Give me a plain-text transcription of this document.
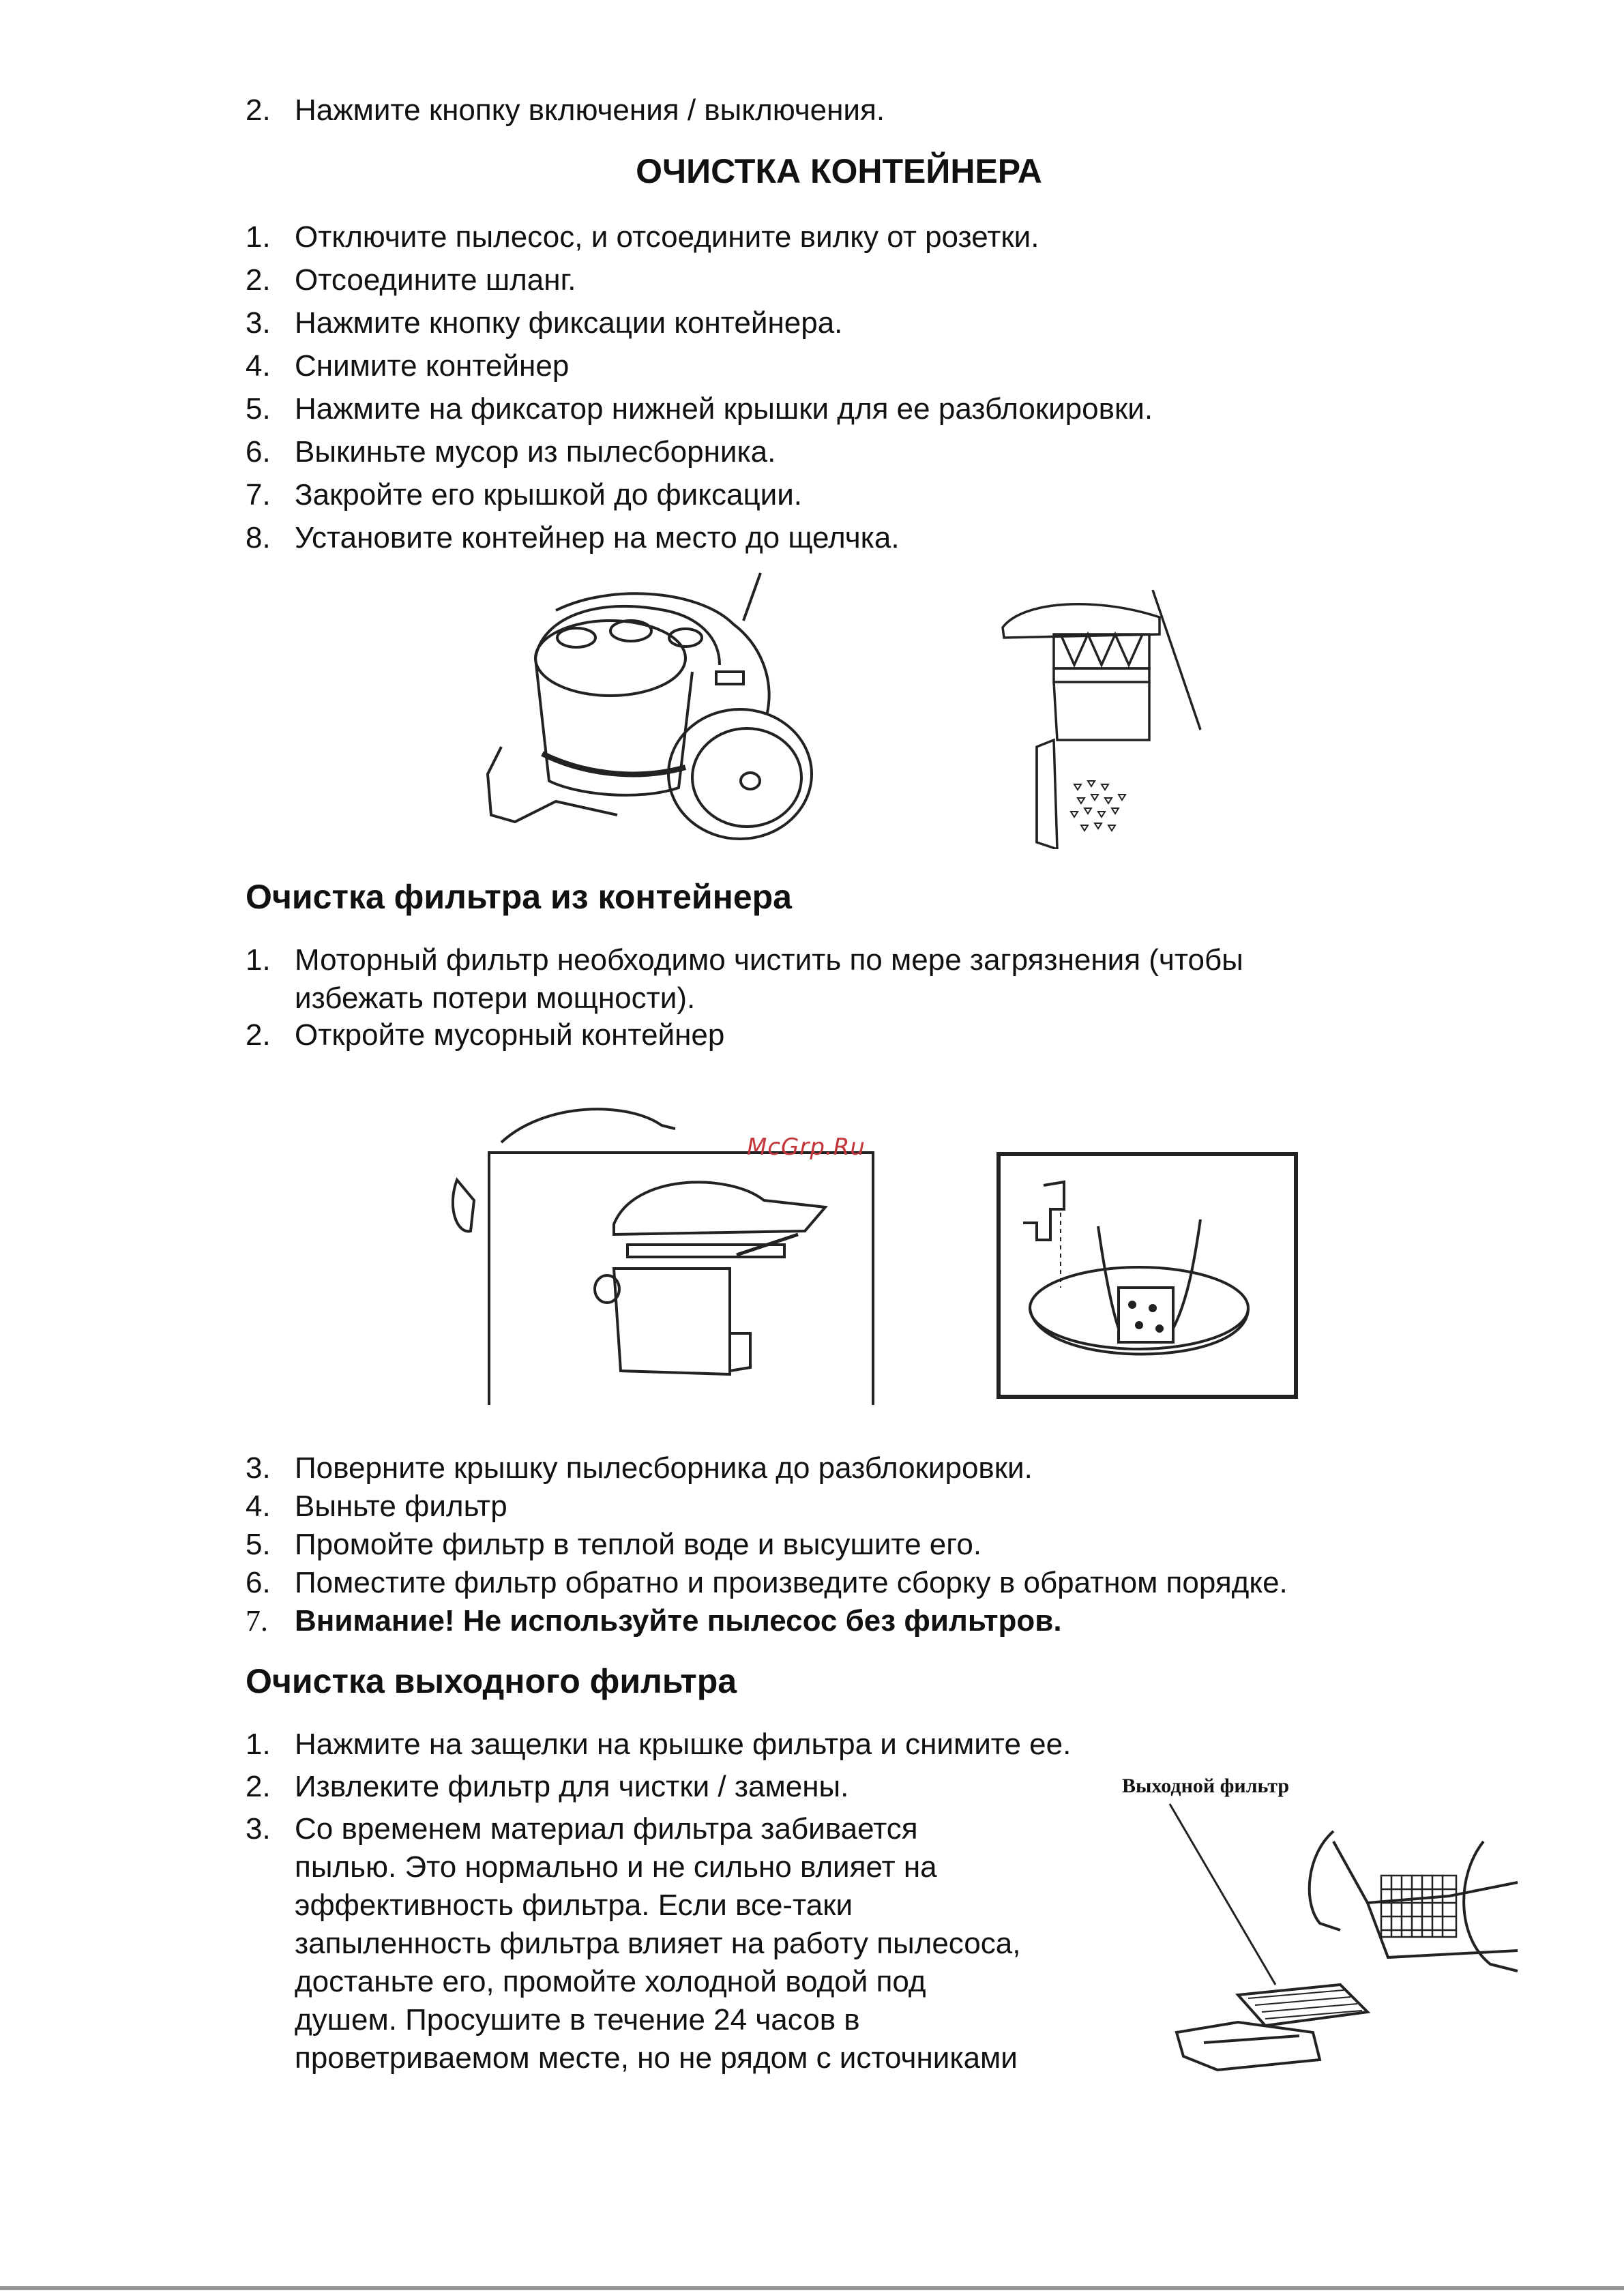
2. Нажмите кнопку включения / выключения.
ОЧИСТКА КОНТЕЙНЕРА
1. Отключите пылесос, и отсоедините вилку от розетки.
2. Отсоедините шланг.
3. Нажмите кнопку фиксации контейнера.
4. Снимите контейнер
5. Нажмите на фиксатор нижней крышки для ее разблокировки.
6. Выкиньте мусор из пылесборника.
7. Закройте его крышкой до фиксации.
8. Установите контейнер на место до щелчка.
Очистка фильтра из контейнера
1. Моторный фильтр необходимо чистить по мере загрязнения (чтобы
избежать потери мощности).
2. Откройте мусорный контейнер
McGrp.Ru
3. Поверните крышку пылесборника до разблокировки.
4. Выньте фильтр
5. Промойте фильтр в теплой воде и высушите его.
6. Поместите фильтр обратно и произведите сборку в обратном порядке.
7. Внимание! Не используйте пылесос без фильтров.
Очистка выходного фильтра
1. Нажмите на защелки на крышке фильтра и снимите ее.
2. Извлеките фильтр для чистки / замены.
3. Со временем материал фильтра забивается
пылью. Это нормально и не сильно влияет на
эффективность фильтра. Если все-таки
запыленность фильтра влияет на работу пылесоса,
достаньте его, промойте холодной водой под
душем. Просушите в течение 24 часов в
проветриваемом месте, но не рядом с источниками
Выходной фильтр
